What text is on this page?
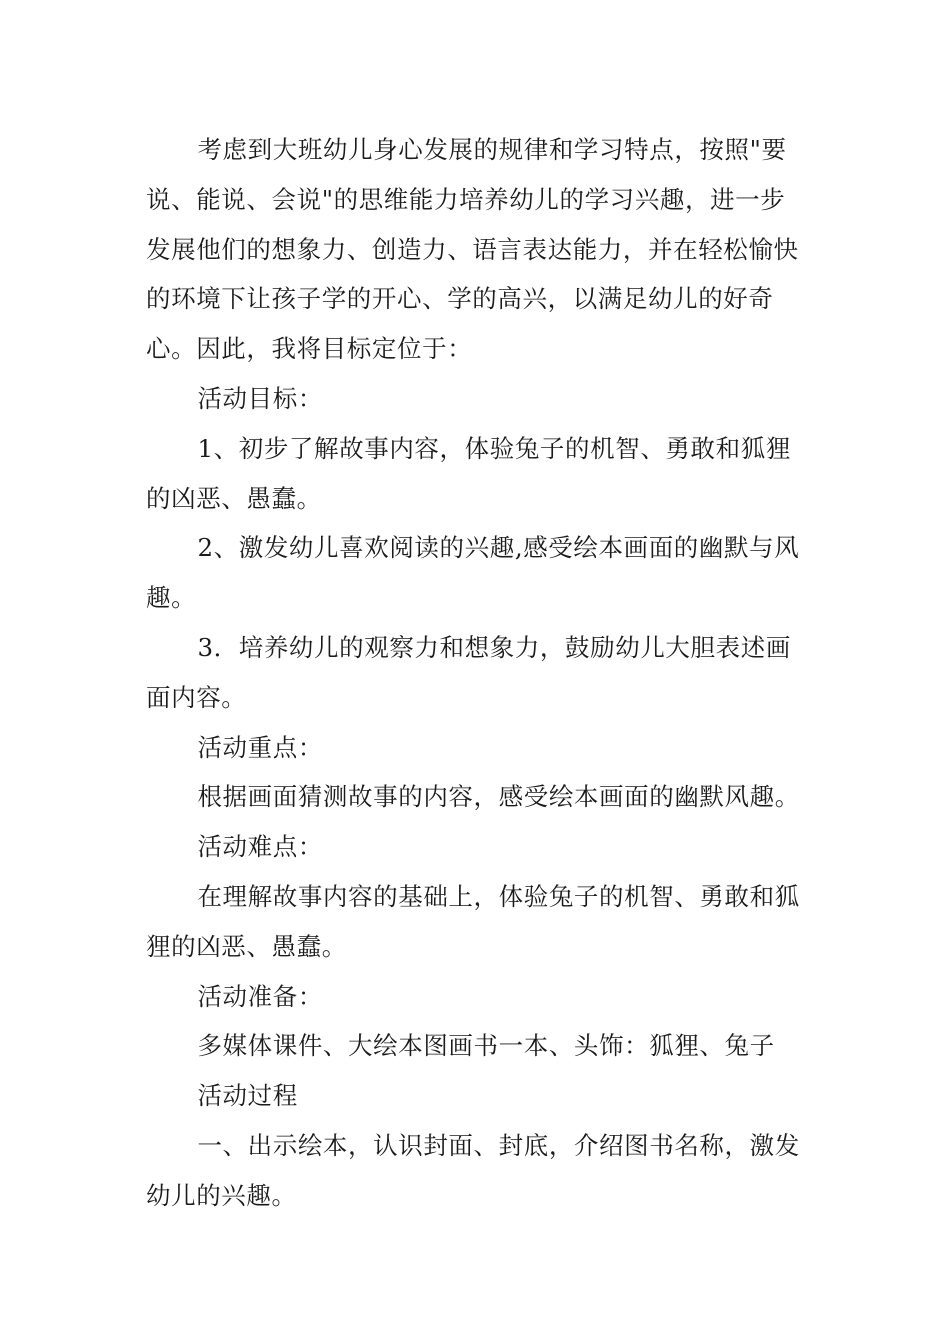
考虑到大班幼儿身心发展的规律和学习特点，按照"要说、能说、会说"的思维能力培养幼儿的学习兴趣，进一步发展他们的想象力、创造力、语言表达能力，并在轻松愉快的环境下让孩子学的开心、学的高兴，以满足幼儿的好奇心。因此，我将目标定位于：

活动目标：

1、初步了解故事内容，体验兔子的机智、勇敢和狐狸的凶恶、愚蠢。

2、激发幼儿喜欢阅读的兴趣,感受绘本画面的幽默与风趣。

3．培养幼儿的观察力和想象力，鼓励幼儿大胆表述画面内容。

活动重点：

根据画面猜测故事的内容，感受绘本画面的幽默风趣。

活动难点：

在理解故事内容的基础上，体验兔子的机智、勇敢和狐狸的凶恶、愚蠢。

活动准备：

多媒体课件、大绘本图画书一本、头饰：狐狸、兔子

活动过程

一、出示绘本，认识封面、封底，介绍图书名称，激发幼儿的兴趣。
